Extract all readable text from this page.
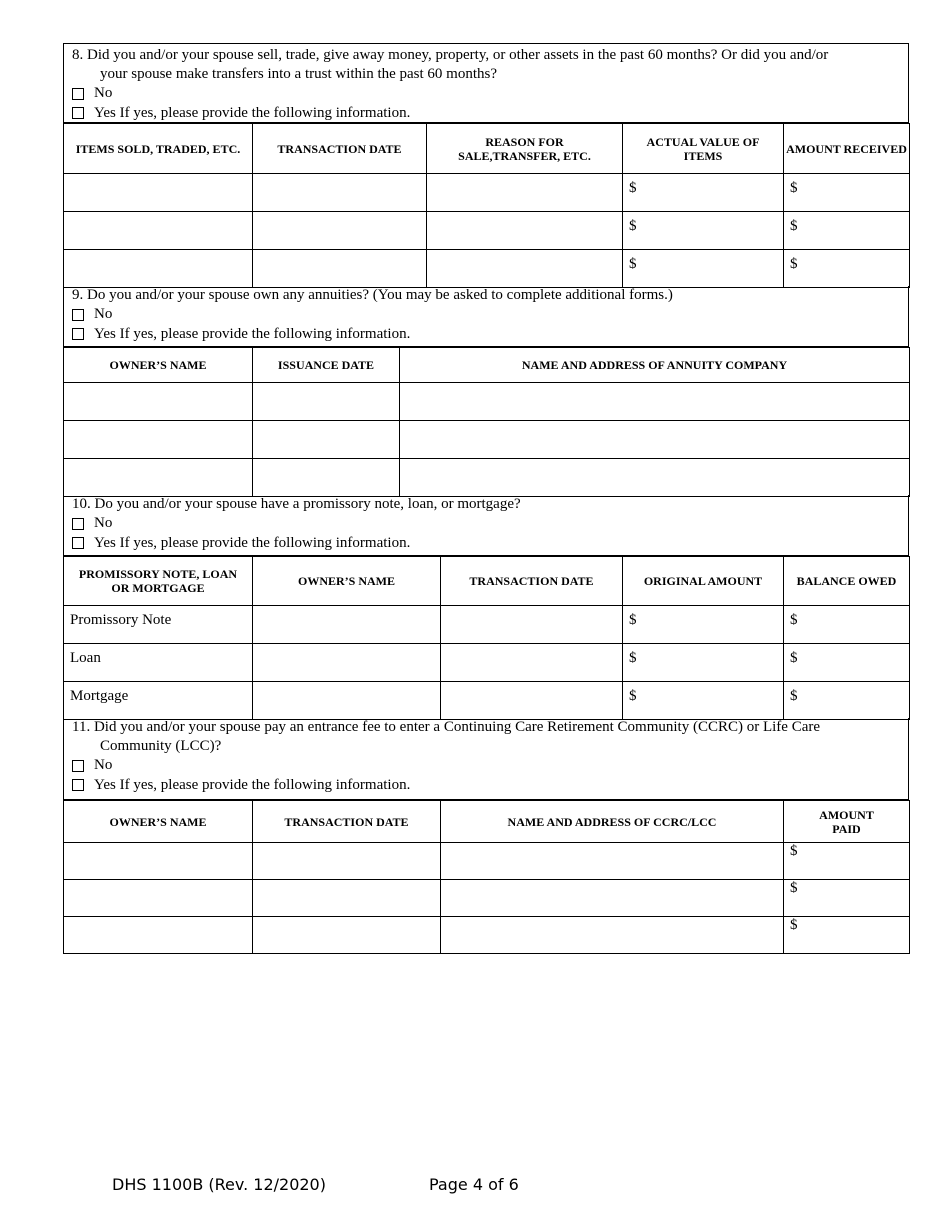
8. Did you and/or your spouse sell, trade, give away money, property, or other assets in the past 60 months? Or did you and/or
your spouse make transfers into a trust within the past 60 months?
No
Yes If yes, please provide the following information.
ITEMS SOLD, TRADED, ETC.	TRANSACTION DATE	REASON FOR SALE,TRANSFER, ETC.	ACTUAL VALUE OF ITEMS	AMOUNT RECEIVED
			$	$
			$	$
			$	$
9. Do you and/or your spouse own any annuities? (You may be asked to complete additional forms.)
No
Yes If yes, please provide the following information.
OWNER’S NAME	ISSUANCE DATE	NAME AND ADDRESS OF ANNUITY COMPANY

10. Do you and/or your spouse have a promissory note, loan, or mortgage?
No
Yes If yes, please provide the following information.
PROMISSORY NOTE, LOAN OR MORTGAGE	OWNER’S NAME	TRANSACTION DATE	ORIGINAL AMOUNT	BALANCE OWED
Promissory Note			$	$
Loan			$	$
Mortgage			$	$
11. Did you and/or your spouse pay an entrance fee to enter a Continuing Care Retirement Community (CCRC) or Life Care
Community (LCC)?
No
Yes If yes, please provide the following information.
OWNER’S NAME	TRANSACTION DATE	NAME AND ADDRESS OF CCRC/LCC	AMOUNT PAID
			$
			$
			$
DHS 1100B (Rev. 12/2020)	Page 4 of 6
